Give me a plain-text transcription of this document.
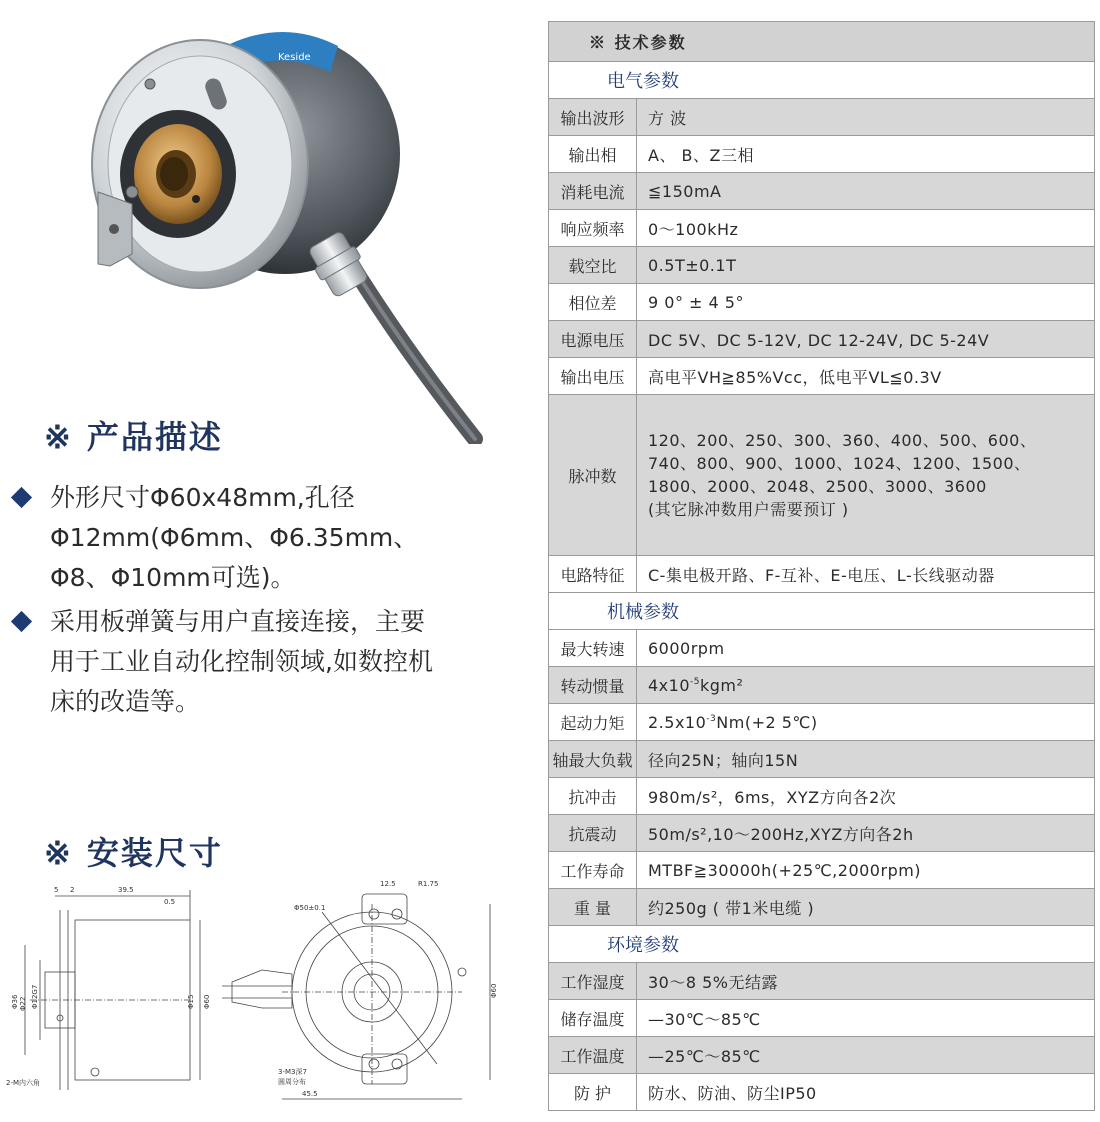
Keside
※ 产品描述
外形尺寸Φ60x48mm,孔径Φ12mm(Φ6mm、Φ6.35mm、Φ8、Φ10mm可选)。
采用板弹簧与用户直接连接，主要用于工业自动化控制领域,如数控机床的改造等。
※ 安装尺寸
5 2	39.5
0.5
Φ36 Φ22 Φ12G7	Φ15 Φ60
2-M内六角
12.5	R1.75
Φ50±0.1
Φ60
3-M3深7
圆周分布
45.5
※ 技术参数	
电气参数	
输出波形	方 波
输出相	A、 B、Z三相
消耗电流	≦150mA
响应频率	0～100kHz
载空比	0.5T±0.1T
相位差	9 0° ± 4 5°
电源电压	DC 5V、DC 5-12V, DC 12-24V, DC 5-24V
输出电压	高电平VH≧85%Vcc，低电平VL≦0.3V
脉冲数	120、200、250、300、360、400、500、600、
740、800、900、1000、1024、1200、1500、
1800、2000、2048、2500、3000、3600
(其它脉冲数用户需要预订 )

电路特征	C-集电极开路、F-互补、E-电压、L-长线驱动器
机械参数	
最大转速	6000rpm
转动惯量	$4x10^{-5}kgm^2$
起动力矩	$2.5x10^{-3}Nm(+2$ 5℃)
轴最大负载	径向25N；轴向15N
抗冲击	980m/s²，6ms，XYZ方向各2次
抗震动	50m/s²,10～200Hz,XYZ方向各2h
工作寿命	MTBF≧30000h(+25℃,2000rpm)
重 量	约250g ( 带1米电缆 )
环境参数	
工作湿度	30～8 5%无结露
储存温度	—30℃～85℃
工作温度	—25℃～85℃
防 护	防水、防油、防尘IP50
